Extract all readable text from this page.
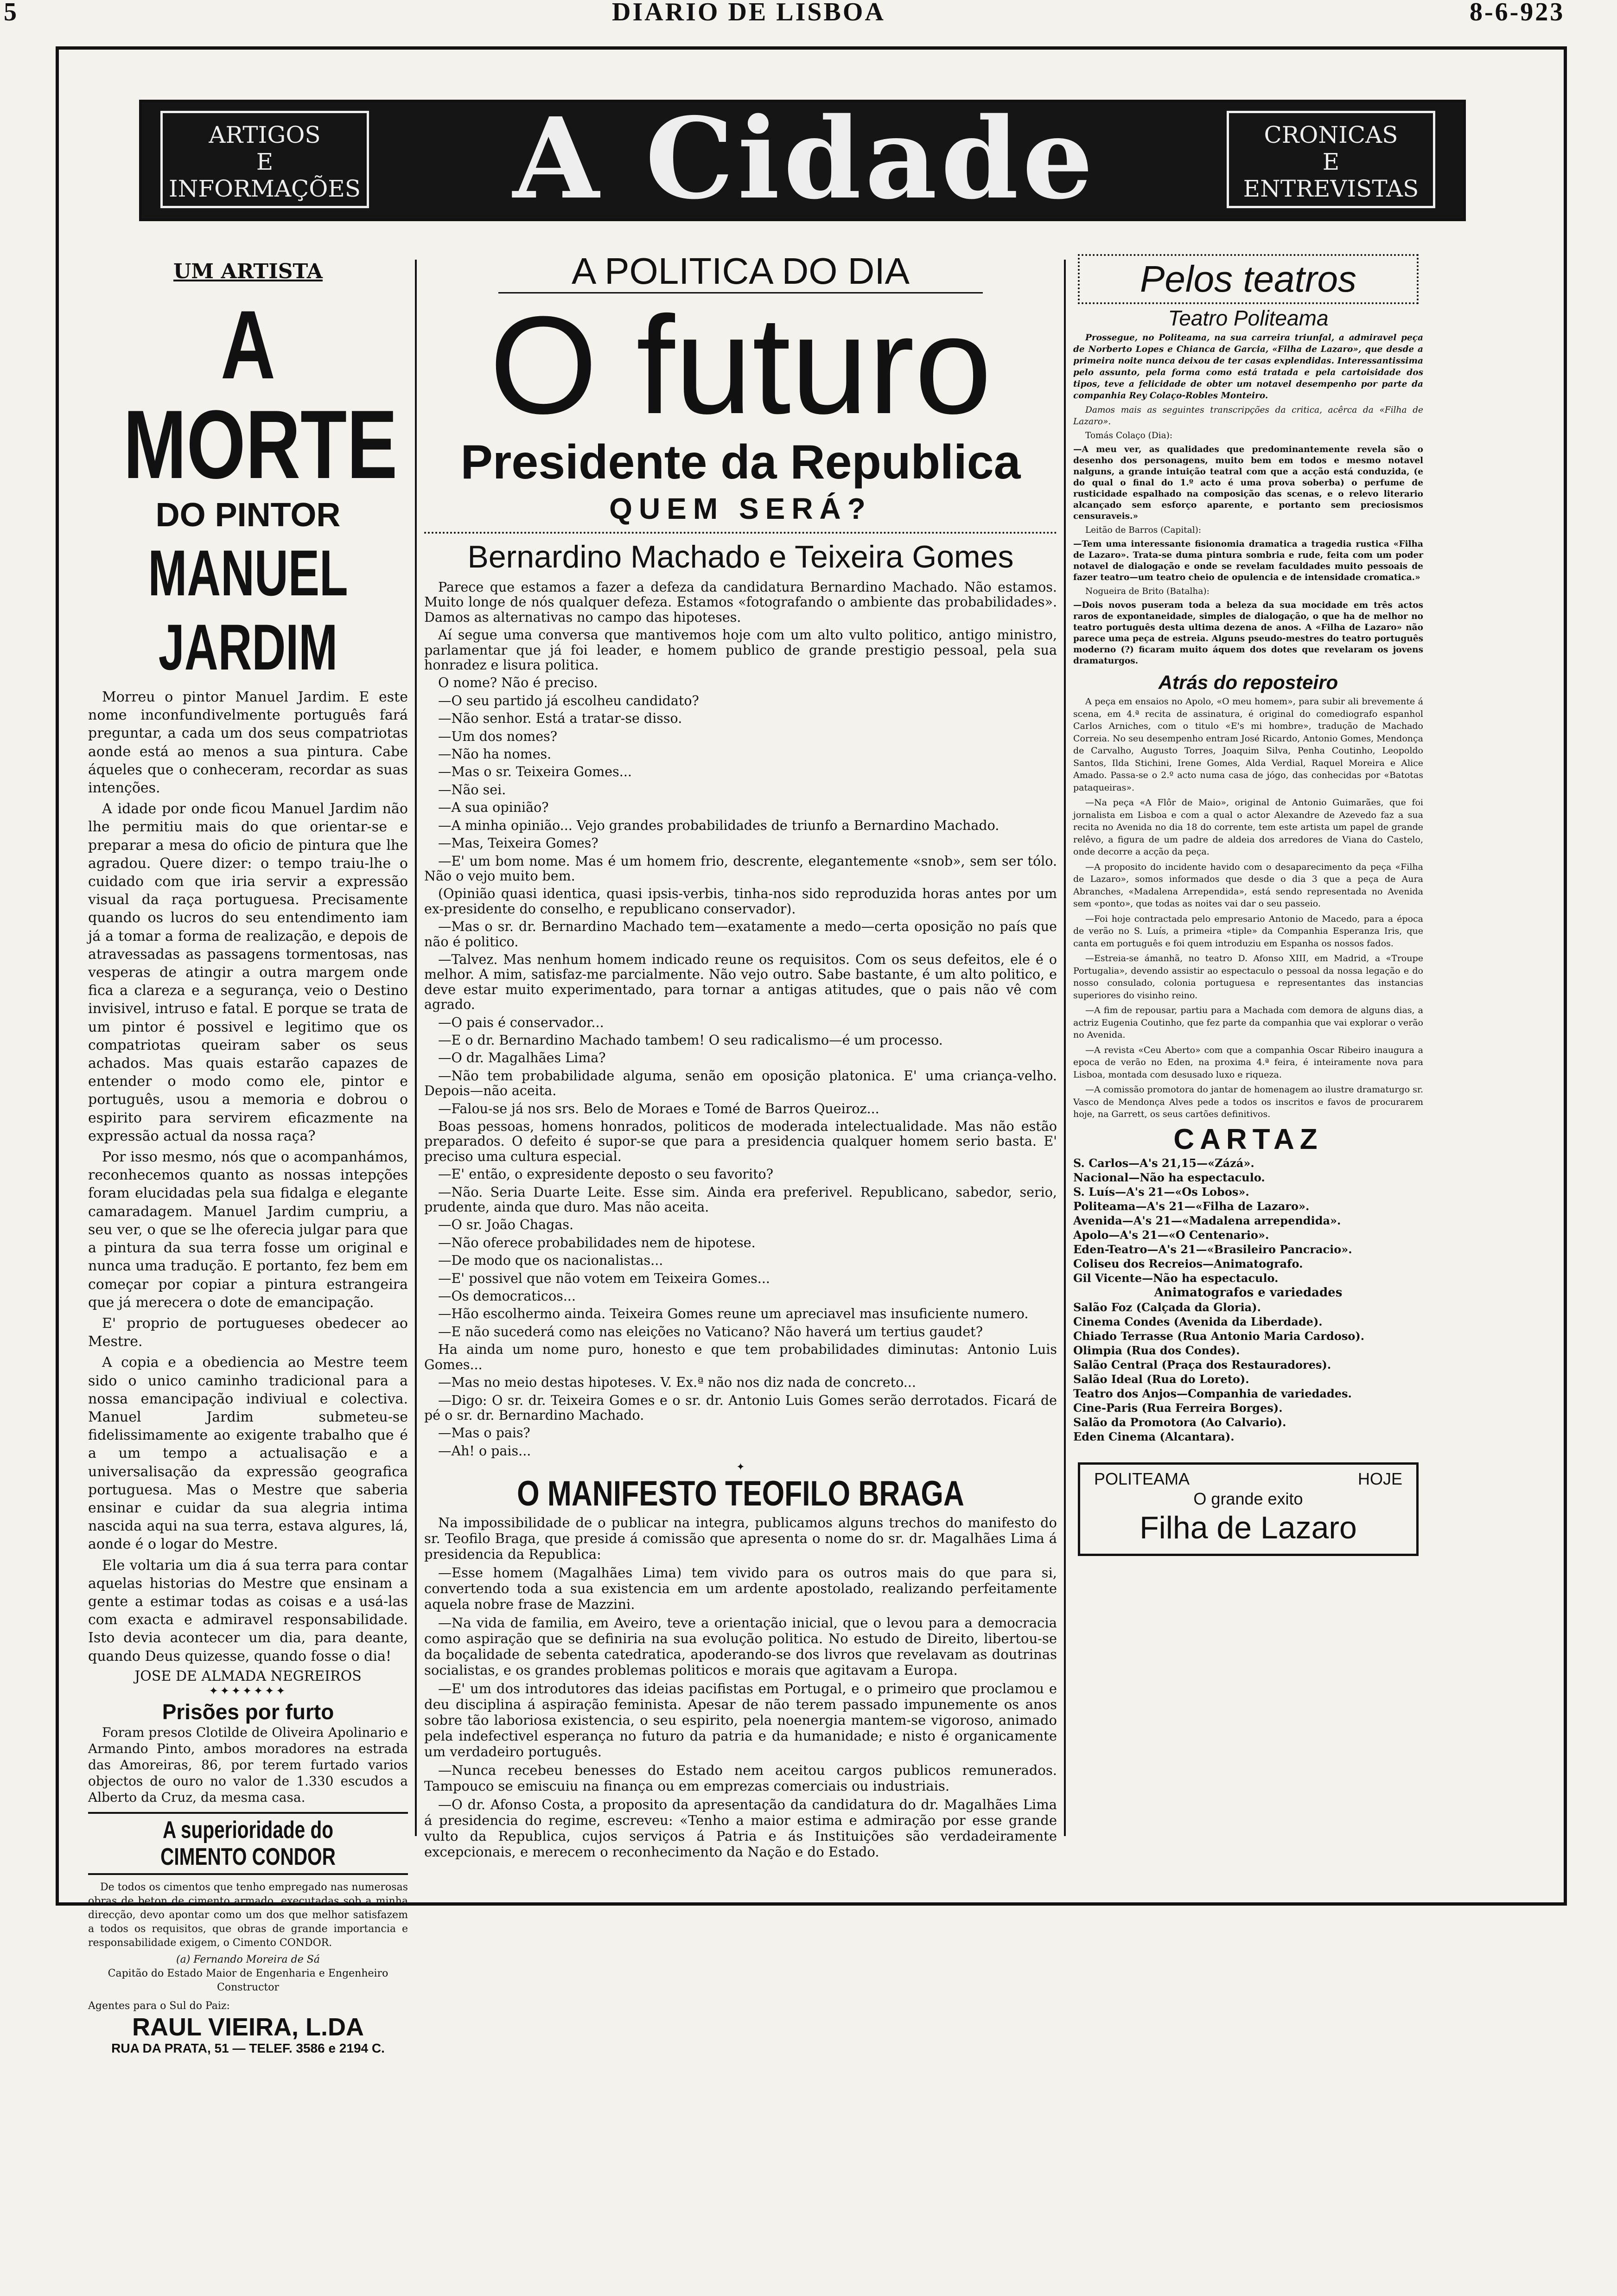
5	DIARIO DE LISBOA	8-6-923
ARTIGOS
E
INFORMAÇÕES	A Cidade	CRONICAS
E
ENTREVISTAS
UM ARTISTA
A MORTE
DO PINTOR
MANUEL JARDIM

Morreu o pintor Manuel Jardim. E este nome inconfundivelmente português fará preguntar, a cada um dos seus compatriotas aonde está ao menos a sua pintura. Cabe áqueles que o conheceram, recordar as suas intenções.

A idade por onde ficou Manuel Jardim não lhe permitiu mais do que orientar-se e preparar a mesa do oficio de pintura que lhe agradou. Quere dizer: o tempo traiu-lhe o cuidado com que iria servir a expressão visual da raça portuguesa. Precisamente quando os lucros do seu entendimento iam já a tomar a forma de realização, e depois de atravessadas as passagens tormentosas, nas vesperas de atingir a outra margem onde fica a clareza e a segurança, veio o Destino invisivel, intruso e fatal. E porque se trata de um pintor é possivel e legitimo que os compatriotas queiram saber os seus achados. Mas quais estarão capazes de entender o modo como ele, pintor e português, usou a memoria e dobrou o espirito para servirem eficazmente na expressão actual da nossa raça?

Por isso mesmo, nós que o acompanhámos, reconhecemos quanto as nossas intepções foram elucidadas pela sua fidalga e elegante camaradagem. Manuel Jardim cumpriu, a seu ver, o que se lhe oferecia julgar para que a pintura da sua terra fosse um original e nunca uma tradução. E portanto, fez bem em começar por copiar a pintura estrangeira que já merecera o dote de emancipação.

E' proprio de portugueses obedecer ao Mestre.

A copia e a obediencia ao Mestre teem sido o unico caminho tradicional para a nossa emancipação indiviual e colectiva. Manuel Jardim submeteu-se fidelissimamente ao exigente trabalho que é a um tempo a actualisação e a universalisação da expressão geografica portuguesa. Mas o Mestre que saberia ensinar e cuidar da sua alegria intima nascida aqui na sua terra, estava algures, lá, aonde é o logar do Mestre.

Ele voltaria um dia á sua terra para contar aquelas historias do Mestre que ensinam a gente a estimar todas as coisas e a usá-las com exacta e admiravel responsabilidade. Isto devia acontecer um dia, para deante, quando Deus quizesse, quando fosse o dia!

JOSE DE ALMADA NEGREIROS
✦✦✦✦✦✦✦
Prisões por furto

Foram presos Clotilde de Oliveira Apolinario e Armando Pinto, ambos moradores na estrada das Amoreiras, 86, por terem furtado varios objectos de ouro no valor de 1.330 escudos a Alberto da Cruz, da mesma casa.

A superioridade do CIMENTO CONDOR

De todos os cimentos que tenho empregado nas numerosas obras de beton de cimento armado, executadas sob a minha direcção, devo apontar como um dos que melhor satisfazem a todos os requisitos, que obras de grande importancia e responsabilidade exigem, o Cimento CONDOR.

(a) Fernando Moreira de Sá
Capitão do Estado Maior de Engenharia e Engenheiro Constructor
Agentes para o Sul do Paiz:
RAUL VIEIRA, L.DA
RUA DA PRATA, 51 — TELEF. 3586 e 2194 C.
A POLITICA DO DIA
O futuro
Presidente da Republica
QUEM SERÁ?
Bernardino Machado e Teixeira Gomes

Parece que estamos a fazer a defeza da candidatura Bernardino Machado. Não estamos. Muito longe de nós qualquer defeza. Estamos «fotografando o ambiente das probabilidades». Damos as alternativas no campo das hipoteses.

Aí segue uma conversa que mantivemos hoje com um alto vulto politico, antigo ministro, parlamentar que já foi leader, e homem publico de grande prestigio pessoal, pela sua honradez e lisura politica.

O nome? Não é preciso.

—O seu partido já escolheu candidato?

—Não senhor. Está a tratar-se disso.

—Um dos nomes?

—Não ha nomes.

—Mas o sr. Teixeira Gomes...

—Não sei.

—A sua opinião?

—A minha opinião... Vejo grandes probabilidades de triunfo a Bernardino Machado.

—Mas, Teixeira Gomes?

—E' um bom nome. Mas é um homem frio, descrente, elegantemente «snob», sem ser tólo. Não o vejo muito bem.

(Opinião quasi identica, quasi ipsis-verbis, tinha-nos sido reproduzida horas antes por um ex-presidente do conselho, e republicano conservador).

—Mas o sr. dr. Bernardino Machado tem—exatamente a medo—certa oposição no país que não é politico.

—Talvez. Mas nenhum homem indicado reune os requisitos. Com os seus defeitos, ele é o melhor. A mim, satisfaz-me parcialmente. Não vejo outro. Sabe bastante, é um alto politico, e deve estar muito experimentado, para tornar a antigas atitudes, que o pais não vê com agrado.

—O pais é conservador...

—E o dr. Bernardino Machado tambem! O seu radicalismo—é um processo.

—O dr. Magalhães Lima?

—Não tem probabilidade alguma, senão em oposição platonica. E' uma criança-velho. Depois—não aceita.

—Falou-se já nos srs. Belo de Moraes e Tomé de Barros Queiroz...

Boas pessoas, homens honrados, politicos de moderada intelectualidade. Mas não estão preparados. O defeito é supor-se que para a presidencia qualquer homem serio basta. E' preciso uma cultura especial.

—E' então, o expresidente deposto o seu favorito?

—Não. Seria Duarte Leite. Esse sim. Ainda era preferivel. Republicano, sabedor, serio, prudente, ainda que duro. Mas não aceita.

—O sr. João Chagas.

—Não oferece probabilidades nem de hipotese.

—De modo que os nacionalistas...

—E' possivel que não votem em Teixeira Gomes...

—Os democraticos...

—Hão escolhermo ainda. Teixeira Gomes reune um apreciavel mas insuficiente numero.

—E não sucederá como nas eleições no Vaticano? Não haverá um tertius gaudet?

Ha ainda um nome puro, honesto e que tem probabilidades diminutas: Antonio Luis Gomes...

—Mas no meio destas hipoteses. V. Ex.ª não nos diz nada de concreto...

—Digo: O sr. dr. Teixeira Gomes e o sr. dr. Antonio Luis Gomes serão derrotados. Ficará de pé o sr. dr. Bernardino Machado.

—Mas o pais?

—Ah! o pais...

✦
O MANIFESTO TEOFILO BRAGA

Na impossibilidade de o publicar na integra, publicamos alguns trechos do manifesto do sr. Teofilo Braga, que preside á comissão que apresenta o nome do sr. dr. Magalhães Lima á presidencia da Republica:

—Esse homem (Magalhães Lima) tem vivido para os outros mais do que para si, convertendo toda a sua existencia em um ardente apostolado, realizando perfeitamente aquela nobre frase de Mazzini.

—Na vida de familia, em Aveiro, teve a orientação inicial, que o levou para a democracia como aspiração que se definiria na sua evolução politica. No estudo de Direito, libertou-se da boçalidade de sebenta catedratica, apoderando-se dos livros que revelavam as doutrinas socialistas, e os grandes problemas politicos e morais que agitavam a Europa.

—E' um dos introdutores das ideias pacifistas em Portugal, e o primeiro que proclamou e deu disciplina á aspiração feminista. Apesar de não terem passado impunemente os anos sobre tão laboriosa existencia, o seu espirito, pela noenergia mantem-se vigoroso, animado pela indefectivel esperança no futuro da patria e da humanidade; e nisto é organicamente um verdadeiro português.

—Nunca recebeu benesses do Estado nem aceitou cargos publicos remunerados. Tampouco se emiscuiu na finança ou em emprezas comerciais ou industriais.

—O dr. Afonso Costa, a proposito da apresentação da candidatura do dr. Magalhães Lima á presidencia do regime, escreveu: «Tenho a maior estima e admiração por esse grande vulto da Republica, cujos serviços á Patria e ás Instituições são verdadeiramente excepcionais, e merecem o reconhecimento da Nação e do Estado.

Pelos teatros
Teatro Politeama

Prossegue, no Politeama, na sua carreira triunfal, a admiravel peça de Norberto Lopes e Chianca de Garcia, «Filha de Lazaro», que desde a primeira noite nunca deixou de ter casas explendidas. Interessantissima pelo assunto, pela forma como está tratada e pela cartoisidade dos tipos, teve a felicidade de obter um notavel desempenho por parte da companhia Rey Colaço-Robles Monteiro.

Damos mais as seguintes transcripções da critica, acêrca da «Filha de Lazaro».

Tomás Colaço (Dia):

—A meu ver, as qualidades que predominantemente revela são o desenho dos personagens, muito bem em todos e mesmo notavel nalguns, a grande intuição teatral com que a acção está conduzida, (e do qual o final do 1.º acto é uma prova soberba) o perfume de rusticidade espalhado na composição das scenas, e o relevo literario alcançado sem esforço aparente, e portanto sem preciosismos censuraveis.»

Leitão de Barros (Capital):

—Tem uma interessante fisionomia dramatica a tragedia rustica «Filha de Lazaro». Trata-se duma pintura sombria e rude, feita com um poder notavel de dialogação e onde se revelam faculdades muito pessoais de fazer teatro—um teatro cheio de opulencia e de intensidade cromatica.»

Nogueira de Brito (Batalha):

—Dois novos puseram toda a beleza da sua mocidade em três actos raros de expontaneidade, simples de dialogação, o que ha de melhor no teatro português desta ultima dezena de anos. A «Filha de Lazaro» não parece uma peça de estreia. Alguns pseudo-mestres do teatro português moderno (?) ficaram muito áquem dos dotes que revelaram os jovens dramaturgos.

Atrás do reposteiro

A peça em ensaios no Apolo, «O meu homem», para subir ali brevemente á scena, em 4.ª recita de assinatura, é original do comediografo espanhol Carlos Arniches, com o titulo «E's mi hombre», tradução de Machado Correia. No seu desempenho entram José Ricardo, Antonio Gomes, Mendonça de Carvalho, Augusto Torres, Joaquim Silva, Penha Coutinho, Leopoldo Santos, Ilda Stichini, Irene Gomes, Alda Verdial, Raquel Moreira e Alice Amado. Passa-se o 2.º acto numa casa de jógo, das conhecidas por «Batotas pataqueiras».

—Na peça «A Flôr de Maio», original de Antonio Guimarães, que foi jornalista em Lisboa e com a qual o actor Alexandre de Azevedo faz a sua recita no Avenida no dia 18 do corrente, tem este artista um papel de grande relêvo, a figura de um padre de aldeia dos arredores de Viana do Castelo, onde decorre a acção da peça.

—A proposito do incidente havido com o desaparecimento da peça «Filha de Lazaro», somos informados que desde o dia 3 que a peça de Aura Abranches, «Madalena Arrependida», está sendo representada no Avenida sem «ponto», que todas as noites vai dar o seu passeio.

—Foi hoje contractada pelo empresario Antonio de Macedo, para a época de verão no S. Luís, a primeira «tiple» da Companhia Esperanza Iris, que canta em português e foi quem introduziu em Espanha os nossos fados.

—Estreia-se ámanhã, no teatro D. Afonso XIII, em Madrid, a «Troupe Portugalia», devendo assistir ao espectaculo o pessoal da nossa legação e do nosso consulado, colonia portuguesa e representantes das instancias superiores do visinho reino.

—A fim de repousar, partiu para a Machada com demora de alguns dias, a actriz Eugenia Coutinho, que fez parte da companhia que vai explorar o verão no Avenida.

—A revista «Ceu Aberto» com que a companhia Oscar Ribeiro inaugura a epoca de verão no Eden, na proxima 4.ª feira, é inteiramente nova para Lisboa, montada com desusado luxo e riqueza.

—A comissão promotora do jantar de homenagem ao ilustre dramaturgo sr. Vasco de Mendonça Alves pede a todos os inscritos e favos de procurarem hoje, na Garrett, os seus cartões definitivos.

CARTAZ

S. Carlos—A's 21,15—«Zázá».

Nacional—Não ha espectaculo.

S. Luís—A's 21—«Os Lobos».

Politeama—A's 21—«Filha de Lazaro».

Avenida—A's 21—«Madalena arrependida».

Apolo—A's 21—«O Centenario».

Eden-Teatro—A's 21—«Brasileiro Pancracio».

Coliseu dos Recreios—Animatografo.

Gil Vicente—Não ha espectaculo.

Animatografos e variedades

Salão Foz (Calçada da Gloria).

Cinema Condes (Avenida da Liberdade).

Chiado Terrasse (Rua Antonio Maria Cardoso).

Olimpia (Rua dos Condes).

Salão Central (Praça dos Restauradores).

Salão Ideal (Rua do Loreto).

Teatro dos Anjos—Companhia de variedades.

Cine-Paris (Rua Ferreira Borges).

Salão da Promotora (Ao Calvario).

Eden Cinema (Alcantara).

POLITEAMA	HOJE
O grande exito
Filha de Lazaro
